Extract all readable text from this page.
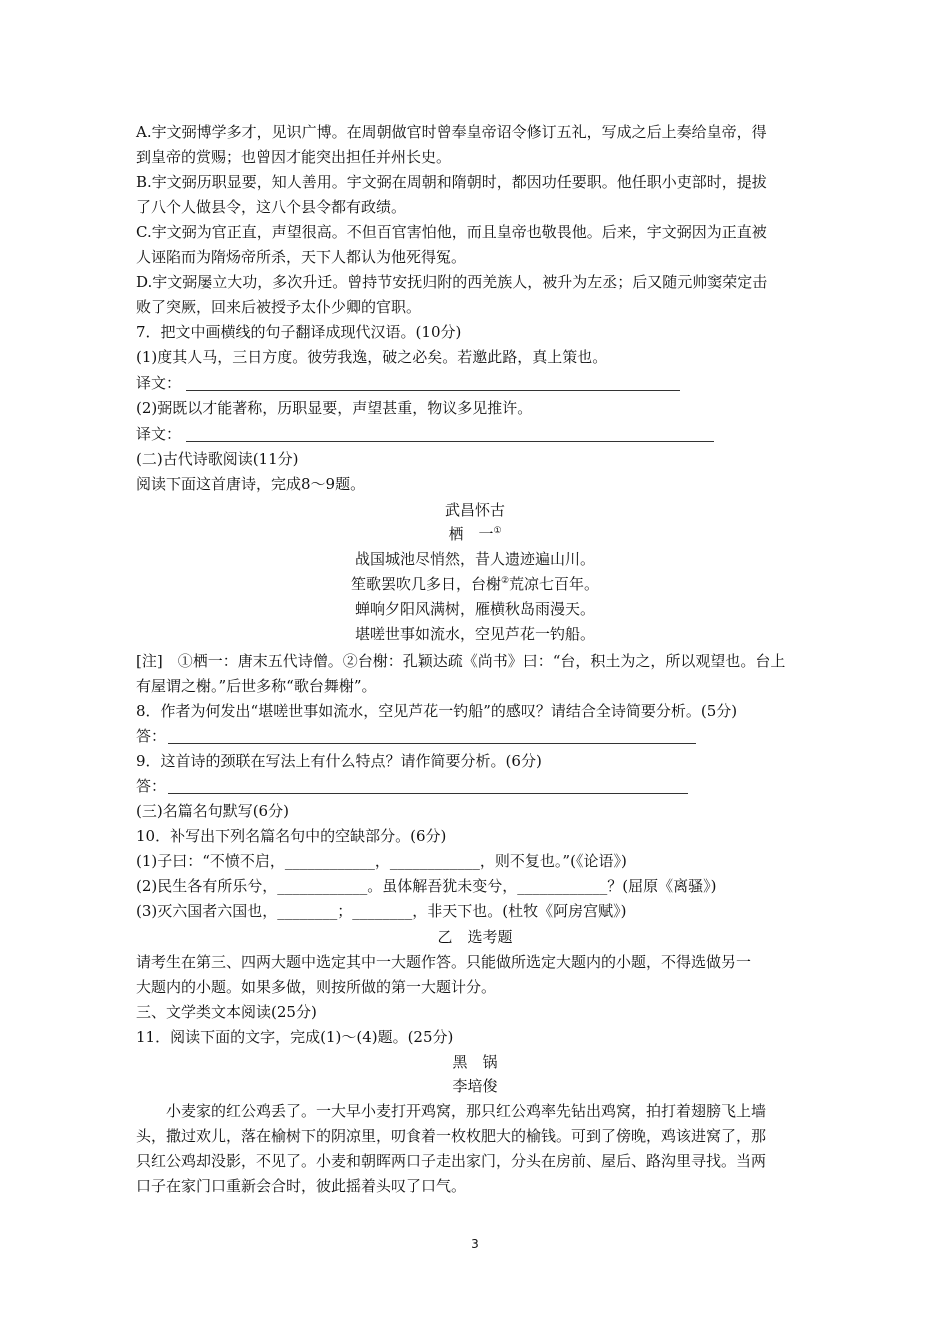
A.宇文弼博学多才，见识广博。在周朝做官时曾奉皇帝诏令修订五礼，写成之后上奏给皇帝，得
到皇帝的赏赐；也曾因才能突出担任并州长史。
B.宇文弼历职显要，知人善用。宇文弼在周朝和隋朝时，都因功任要职。他任职小吏部时，提拔
了八个人做县令，这八个县令都有政绩。
C.宇文弼为官正直，声望很高。不但百官害怕他，而且皇帝也敬畏他。后来，宇文弼因为正直被
人诬陷而为隋炀帝所杀，天下人都认为他死得冤。
D.宇文弼屡立大功，多次升迁。曾持节安抚归附的西羌族人，被升为左丞；后又随元帅窦荣定击
败了突厥，回来后被授予太仆少卿的官职。
7．把文中画横线的句子翻译成现代汉语。(10分)
(1)度其人马，三日方度。彼劳我逸，破之必矣。若邀此路，真上策也。
译文：
(2)弼既以才能著称，历职显要，声望甚重，物议多见推许。
译文：
(二)古代诗歌阅读(11分)
阅读下面这首唐诗，完成8～9题。
武昌怀古
栖　一①
战国城池尽悄然，昔人遗迹遍山川。
笙歌罢吹几多日，台榭②荒凉七百年。
蝉响夕阳风满树，雁横秋岛雨漫天。
堪嗟世事如流水，空见芦花一钓船。
[注]　①栖一：唐末五代诗僧。②台榭：孔颖达疏《尚书》曰：“台，积土为之，所以观望也。台上
有屋谓之榭。”后世多称“歌台舞榭”。
8．作者为何发出“堪嗟世事如流水，空见芦花一钓船”的感叹？请结合全诗简要分析。(5分)
答：
9．这首诗的颈联在写法上有什么特点？请作简要分析。(6分)
答：
(三)名篇名句默写(6分)
10．补写出下列名篇名句中的空缺部分。(6分)
(1)子曰：“不愤不启，____________，____________，则不复也。”(《论语》)
(2)民生各有所乐兮，____________。虽体解吾犹未变兮，____________？(屈原《离骚》)
(3)灭六国者六国也，________；________，非天下也。(杜牧《阿房宫赋》)
乙　选考题
请考生在第三、四两大题中选定其中一大题作答。只能做所选定大题内的小题，不得选做另一
大题内的小题。如果多做，则按所做的第一大题计分。
三、文学类文本阅读(25分)
11．阅读下面的文字，完成(1)～(4)题。(25分)
黑　锅
李培俊
小麦家的红公鸡丢了。一大早小麦打开鸡窝，那只红公鸡率先钻出鸡窝，拍打着翅膀飞上墙
头，撒过欢儿，落在榆树下的阴凉里，叨食着一枚枚肥大的榆钱。可到了傍晚，鸡该进窝了，那
只红公鸡却没影，不见了。小麦和朝晖两口子走出家门，分头在房前、屋后、路沟里寻找。当两
口子在家门口重新会合时，彼此摇着头叹了口气。
3
